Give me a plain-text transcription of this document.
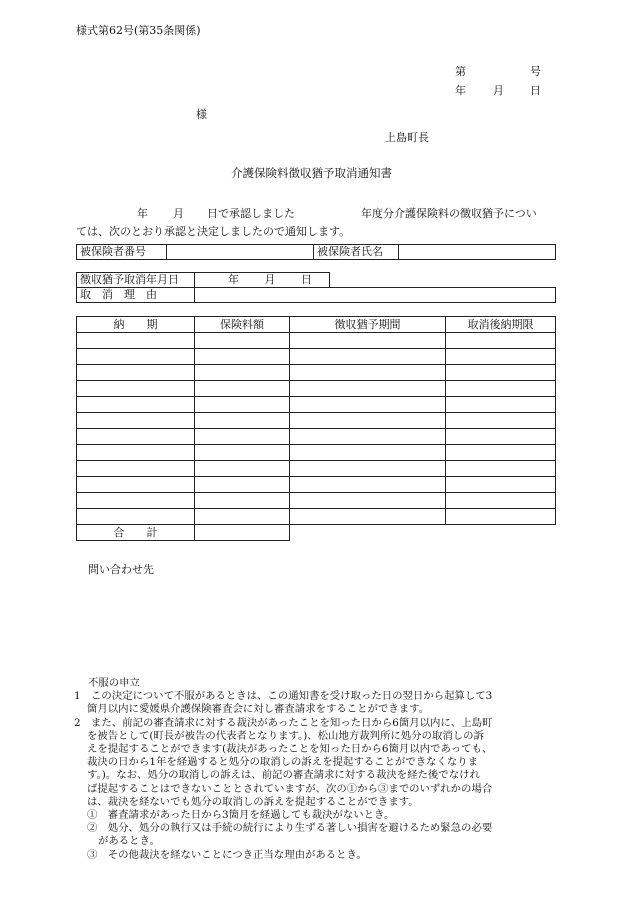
様式第62号(第35条関係)
第	号
年 月 日
様
上島町長
介護保険料徴収猶予取消通知書
年 月 日で承認しました	年度分介護保険料の徴収猶予につい
ては、次のとおり承認と決定しましたので通知します。
被保険者番号		被保険者氏名	
徴収猶予取消年月日	年 月 日	
取　消　理　由		
納　　期	保険料額	徴収猶予期間	取消後納期限

合　　計			
問い合わせ先

不服の申立

1　この決定について不服があるときは、この通知書を受け取った日の翌日から起算して3

箇月以内に愛媛県介護保険審査会に対し審査請求をすることができます。

2　また、前記の審査請求に対する裁決があったことを知った日から6箇月以内に、上島町

を被告として(町長が被告の代表者となります。)、松山地方裁判所に処分の取消しの訴

えを提起することができます(裁決があったことを知った日から6箇月以内であっても、

裁決の日から1年を経過すると処分の取消しの訴えを提起することができなくなりま

す。)。なお、処分の取消しの訴えは、前記の審査請求に対する裁決を経た後でなけれ

ば提起することはできないこととされていますが、次の①から③までのいずれかの場合

は、裁決を経ないでも処分の取消しの訴えを提起することができます。

①　審査請求があった日から3箇月を経過しても裁決がないとき。

②　処分、処分の執行又は手続の続行により生ずる著しい損害を避けるため緊急の必要

があるとき。

③　その他裁決を経ないことにつき正当な理由があるとき。
